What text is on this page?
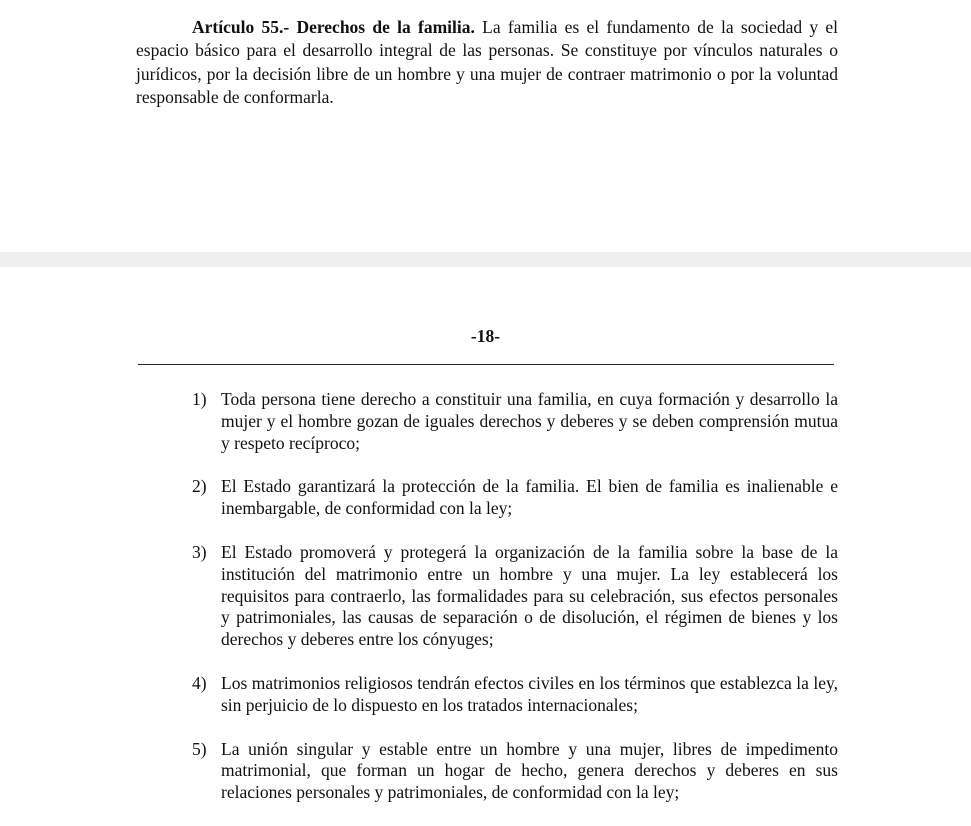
Artículo 55.- Derechos de la familia. La familia es el fundamento de la sociedad y el espacio básico para el desarrollo integral de las personas. Se constituye por vínculos naturales o jurídicos, por la decisión libre de un hombre y una mujer de contraer matrimonio o por la voluntad responsable de conformarla.

-18-
1) Toda persona tiene derecho a constituir una familia, en cuya formación y desarrollo la mujer y el hombre gozan de iguales derechos y deberes y se deben comprensión mutua y respeto recíproco;
2) El Estado garantizará la protección de la familia. El bien de familia es inalienable e inembargable, de conformidad con la ley;
3) El Estado promoverá y protegerá la organización de la familia sobre la base de la institución del matrimonio entre un hombre y una mujer. La ley establecerá los requisitos para contraerlo, las formalidades para su celebración, sus efectos personales y patrimoniales, las causas de separación o de disolución, el régimen de bienes y los derechos y deberes entre los cónyuges;
4) Los matrimonios religiosos tendrán efectos civiles en los términos que establezca la ley, sin perjuicio de lo dispuesto en los tratados internacionales;
5) La unión singular y estable entre un hombre y una mujer, libres de impedimento matrimonial, que forman un hogar de hecho, genera derechos y deberes en sus relaciones personales y patrimoniales, de conformidad con la ley;
